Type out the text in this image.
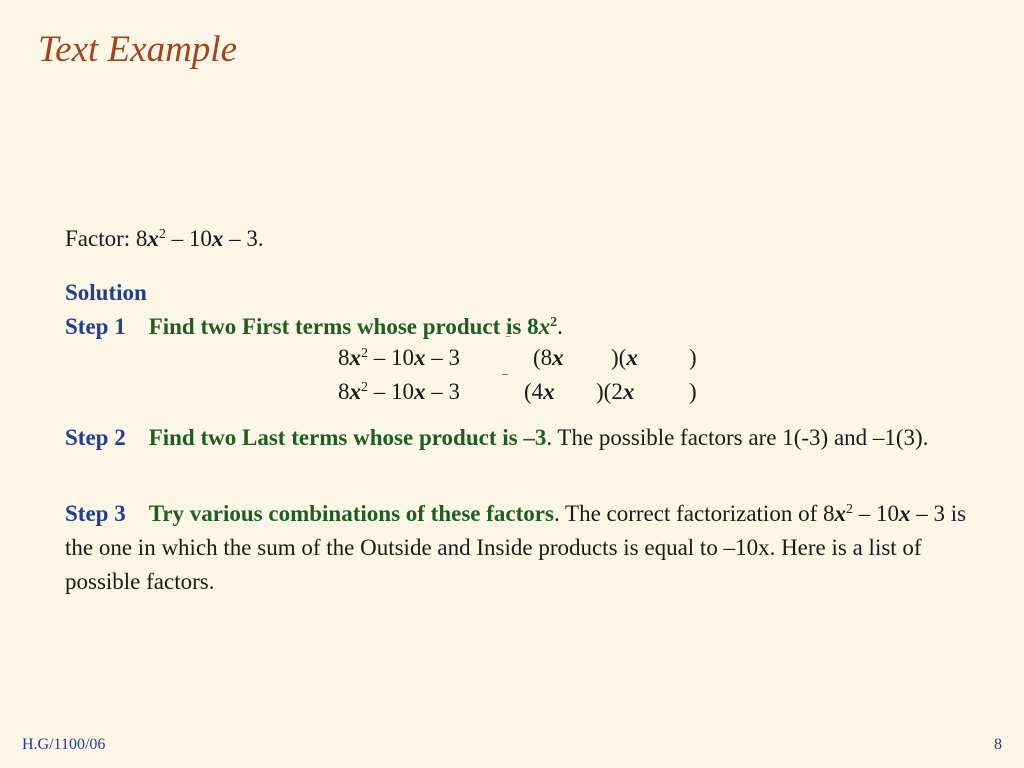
Text Example
Factor: $8x^2 - 10x - 3$.
Solution
Step 1 Find two First terms whose product is $8x^2$.
$8x^2 - 10x - 3$
‾
_ (8x )(x )
$8x^2 - 10x - 3$	(4x )(2x )
Step 2 Find two Last terms whose product is –3. The possible factors are 1(-3) and –1(3).
Step 3 Try various combinations of these factors. The correct factorization of $8x^2 - 10x - 3$ is the one in which the sum of the Outside and Inside products is equal to –10x. Here is a list of possible factors.
H.G/1100/06	8
